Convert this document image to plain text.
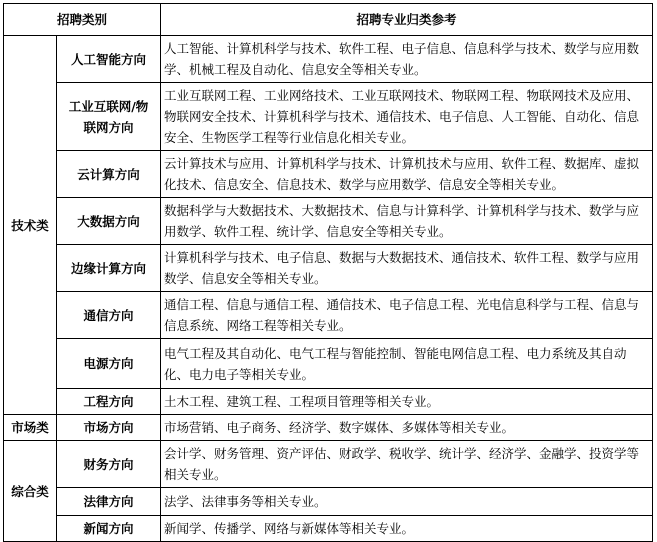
招聘类别		招聘专业归类参考
技术类	人工智能方向	人工智能、计算机科学与技术、软件工程、电子信息、信息科学与技术、数学与应用数学、机械工程及自动化、信息安全等相关专业。
	工业互联网/物联网方向	工业互联网工程、工业网络技术、工业互联网技术、物联网工程、物联网技术及应用、物联网安全技术、计算机科学与技术、通信技术、电子信息、人工智能、自动化、信息安全、生物医学工程等行业信息化相关专业。
	云计算方向	云计算技术与应用、计算机科学与技术、计算机技术与应用、软件工程、数据库、虚拟化技术、信息安全、信息技术、数学与应用数学、信息安全等相关专业。
	大数据方向	数据科学与大数据技术、大数据技术、信息与计算科学、计算机科学与技术、数学与应用数学、软件工程、统计学、信息安全等相关专业。
	边缘计算方向	计算机科学与技术、电子信息、数据与大数据技术、通信技术、软件工程、数学与应用数学、信息安全等相关专业。
	通信方向	通信工程、信息与通信工程、通信技术、电子信息工程、光电信息科学与工程、信息与信息系统、网络工程等相关专业。
	电源方向	电气工程及其自动化、电气工程与智能控制、智能电网信息工程、电力系统及其自动化、电力电子等相关专业。
	工程方向	土木工程、建筑工程、工程项目管理等相关专业。
市场类	市场方向	市场营销、电子商务、经济学、数字媒体、多媒体等相关专业。
综合类	财务方向	会计学、财务管理、资产评估、财政学、税收学、统计学、经济学、金融学、投资学等相关专业。
	法律方向	法学、法律事务等相关专业。
	新闻方向	新闻学、传播学、网络与新媒体等相关专业。
